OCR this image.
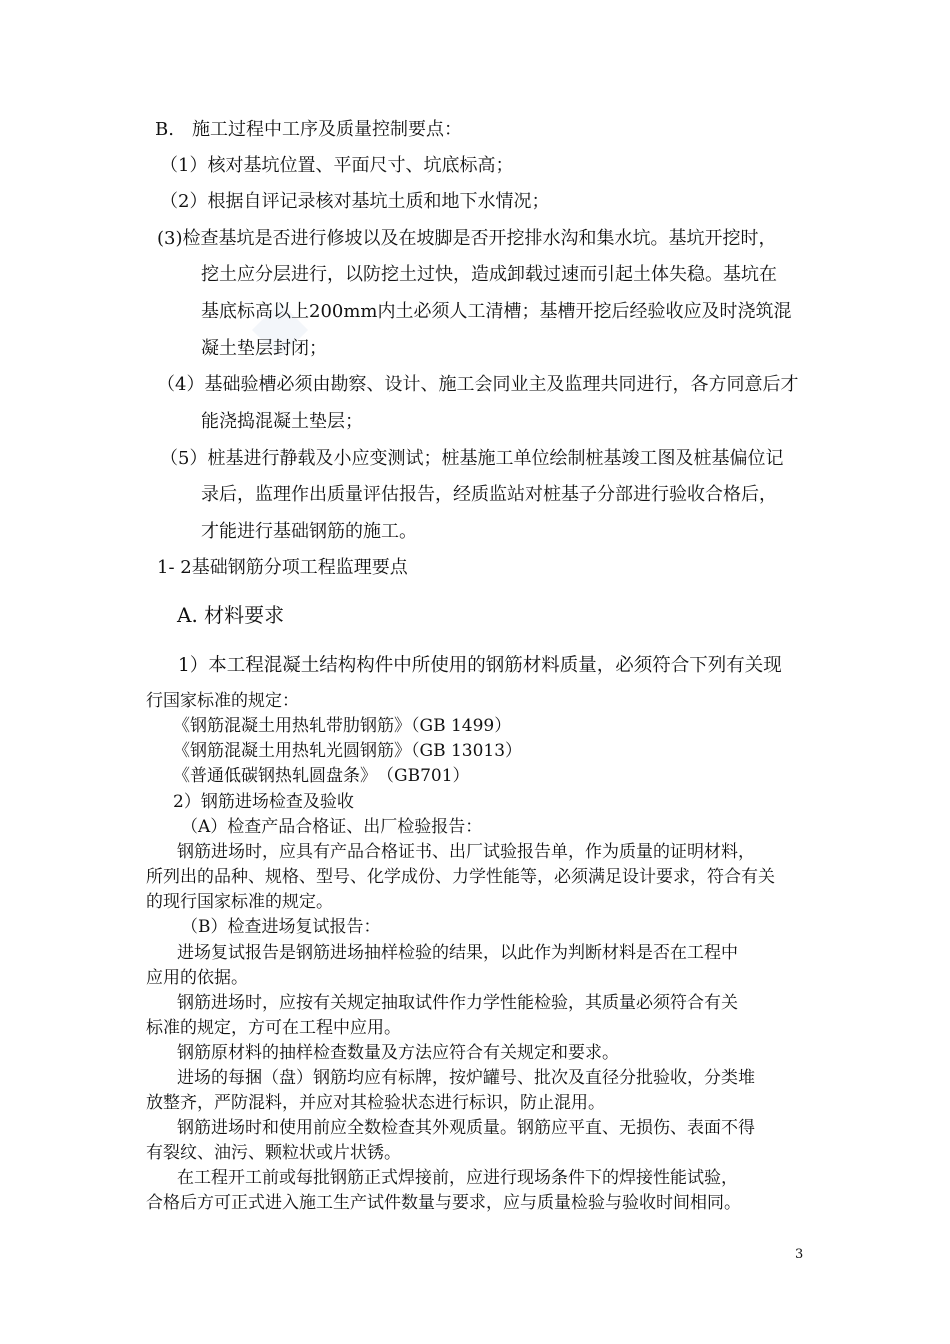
B.　施工过程中工序及质量控制要点：
（1）核对基坑位置、平面尺寸、坑底标高；
（2）根据自评记录核对基坑土质和地下水情况；
(3)检查基坑是否进行修坡以及在坡脚是否开挖排水沟和集水坑。基坑开挖时，
挖土应分层进行，以防挖土过快，造成卸载过速而引起土体失稳。基坑在
基底标高以上200mm内土必须人工清槽；基槽开挖后经验收应及时浇筑混
凝土垫层封闭；
（4）基础验槽必须由勘察、设计、施工会同业主及监理共同进行，各方同意后才
能浇捣混凝土垫层；
（5）桩基进行静载及小应变测试；桩基施工单位绘制桩基竣工图及桩基偏位记
录后，监理作出质量评估报告，经质监站对桩基子分部进行验收合格后，
才能进行基础钢筋的施工。
1- 2基础钢筋分项工程监理要点
A. 材料要求
1）本工程混凝土结构构件中所使用的钢筋材料质量，必须符合下列有关现
行国家标准的规定：
《钢筋混凝土用热轧带肋钢筋》（GB 1499）
《钢筋混凝土用热轧光圆钢筋》（GB 13013）
《普通低碳钢热轧圆盘条》　（GB701）
2）钢筋进场检查及验收
（A）检查产品合格证、出厂检验报告：
钢筋进场时，应具有产品合格证书、出厂试验报告单，作为质量的证明材料，
所列出的品种、规格、型号、化学成份、力学性能等，必须满足设计要求，符合有关
的现行国家标准的规定。
（B）检查进场复试报告：
进场复试报告是钢筋进场抽样检验的结果，以此作为判断材料是否在工程中
应用的依据。
钢筋进场时，应按有关规定抽取试件作力学性能检验，其质量必须符合有关
标准的规定，方可在工程中应用。
钢筋原材料的抽样检查数量及方法应符合有关规定和要求。
进场的每捆（盘）钢筋均应有标牌，按炉罐号、批次及直径分批验收，分类堆
放整齐，严防混料，并应对其检验状态进行标识，防止混用。
钢筋进场时和使用前应全数检查其外观质量。钢筋应平直、无损伤、表面不得
有裂纹、油污、颗粒状或片状锈。
在工程开工前或每批钢筋正式焊接前，应进行现场条件下的焊接性能试验，
合格后方可正式进入施工生产试件数量与要求，应与质量检验与验收时间相同。
3
